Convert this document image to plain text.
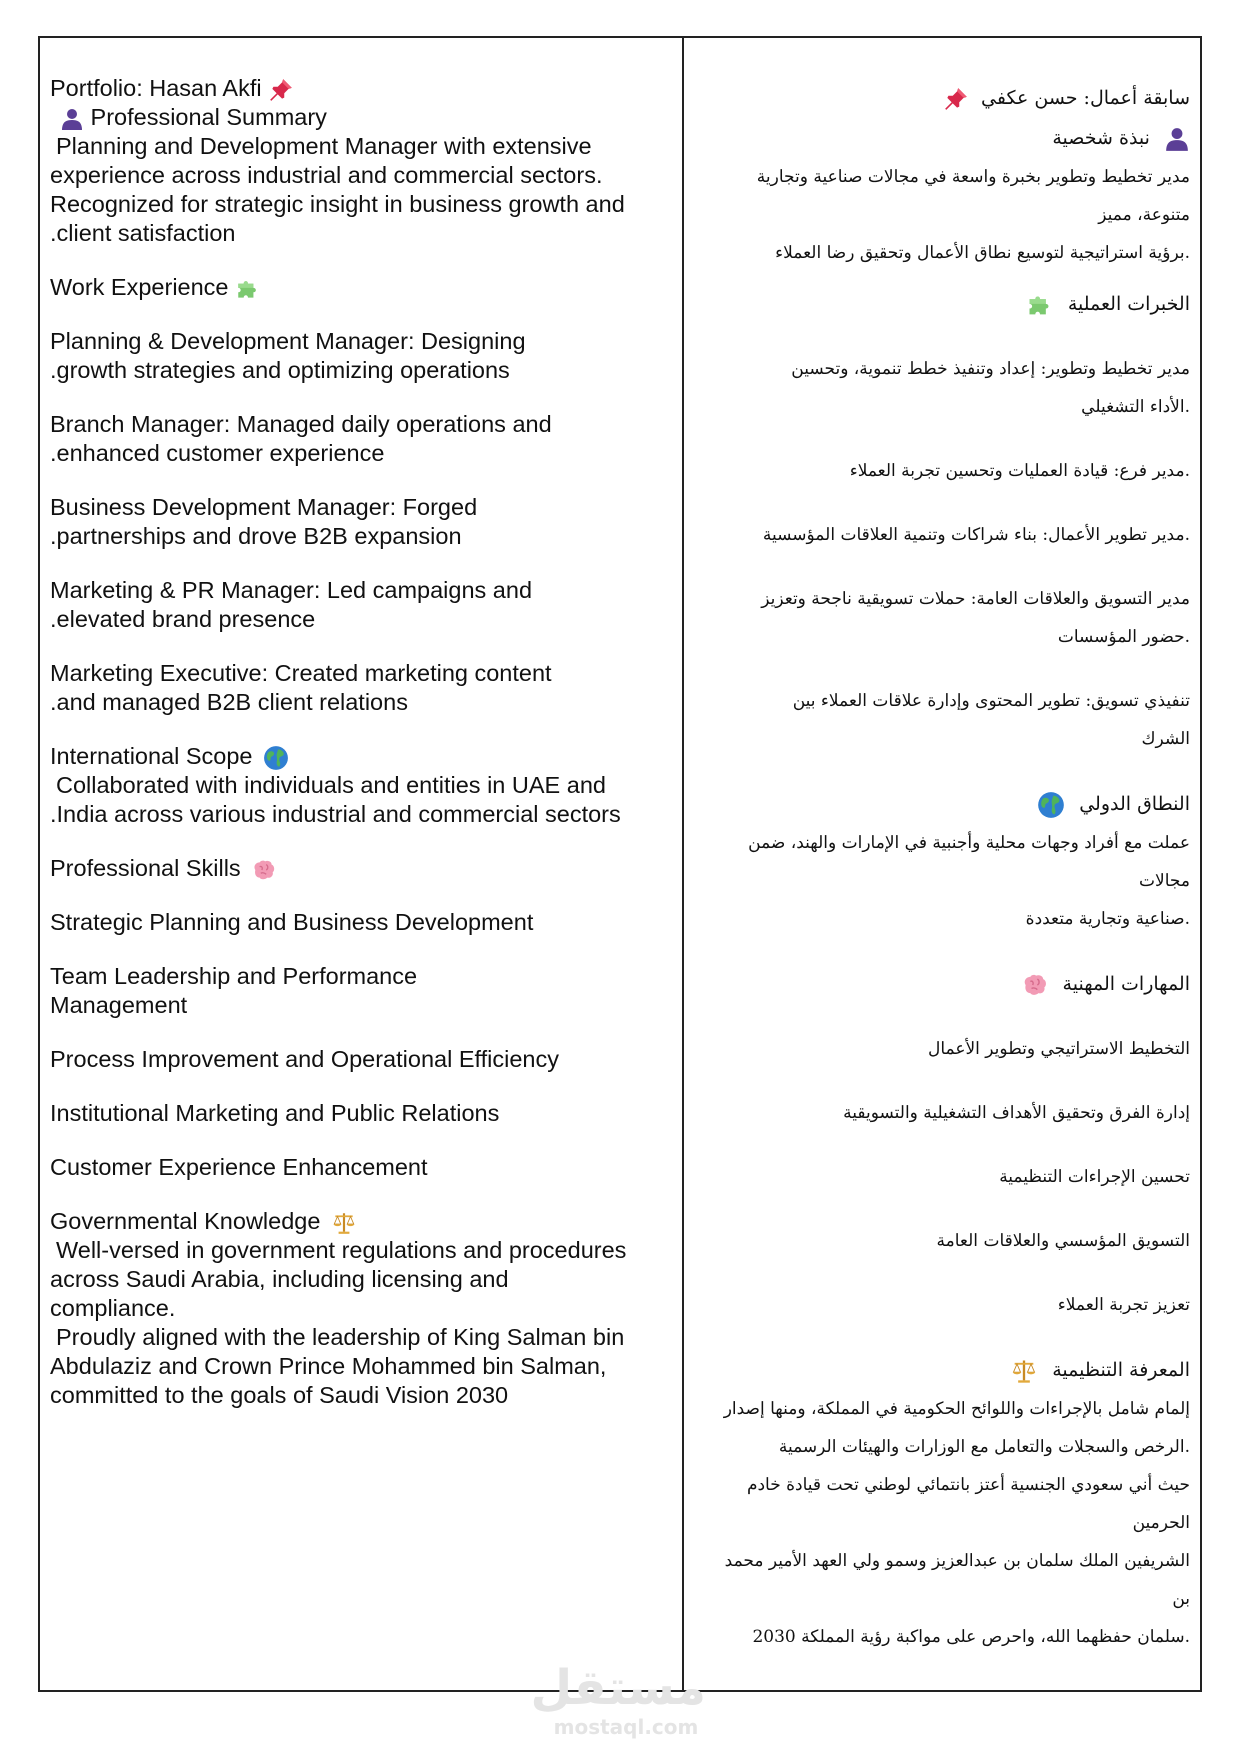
Portfolio: Hasan Akfi
Professional Summary
Planning and Development Manager with extensive
experience across industrial and commercial sectors.
Recognized for strategic insight in business growth and
.client satisfaction
Work Experience
Planning & Development Manager: Designing
.growth strategies and optimizing operations
Branch Manager: Managed daily operations and
.enhanced customer experience
Business Development Manager: Forged
.partnerships and drove B2B expansion
Marketing & PR Manager: Led campaigns and
.elevated brand presence
Marketing Executive: Created marketing content
.and managed B2B client relations
International Scope
Collaborated with individuals and entities in UAE and
.India across various industrial and commercial sectors
Professional Skills
Strategic Planning and Business Development
Team Leadership and Performance
Management
Process Improvement and Operational Efficiency
Institutional Marketing and Public Relations
Customer Experience Enhancement
Governmental Knowledge
Well-versed in government regulations and procedures
across Saudi Arabia, including licensing and
compliance.
Proudly aligned with the leadership of King Salman bin
Abdulaziz and Crown Prince Mohammed bin Salman,
committed to the goals of Saudi Vision 2030
سابقة أعمال: حسن عكفي
نبذة شخصية
مدير تخطيط وتطوير بخبرة واسعة في مجالات صناعية وتجارية متنوعة، مميز
.برؤية استراتيجية لتوسيع نطاق الأعمال وتحقيق رضا العملاء
الخبرات العملية
مدير تخطيط وتطوير: إعداد وتنفيذ خطط تنموية، وتحسين
.الأداء التشغيلي
.مدير فرع: قيادة العمليات وتحسين تجربة العملاء
.مدير تطوير الأعمال: بناء شراكات وتنمية العلاقات المؤسسية
مدير التسويق والعلاقات العامة: حملات تسويقية ناجحة وتعزيز
.حضور المؤسسات
تنفيذي تسويق: تطوير المحتوى وإدارة علاقات العملاء بين
الشرك
النطاق الدولي
عملت مع أفراد وجهات محلية وأجنبية في الإمارات والهند، ضمن مجالات
.صناعية وتجارية متعددة
المهارات المهنية
التخطيط الاستراتيجي وتطوير الأعمال
إدارة الفرق وتحقيق الأهداف التشغيلية والتسويقية
تحسين الإجراءات التنظيمية
التسويق المؤسسي والعلاقات العامة
تعزيز تجربة العملاء
المعرفة التنظيمية
إلمام شامل بالإجراءات واللوائح الحكومية في المملكة، ومنها إصدار
.الرخص والسجلات والتعامل مع الوزارات والهيئات الرسمية
حيث أني سعودي الجنسية أعتز بانتمائي لوطني تحت قيادة خادم الحرمين
الشريفين الملك سلمان بن عبدالعزيز وسمو ولي العهد الأمير محمد بن
.سلمان حفظهما الله، واحرص على مواكبة رؤية المملكة 2030
مستقل
mostaql.com
